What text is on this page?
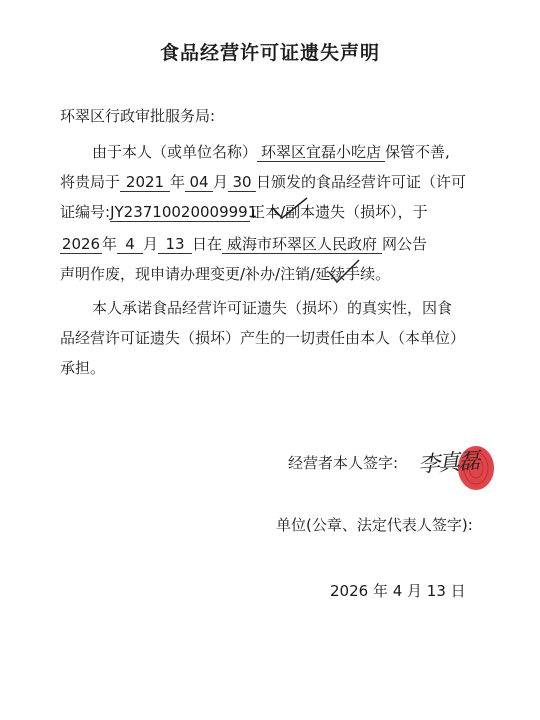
食品经营许可证遗失声明
环翠区行政审批服务局:
由于本人（或单位名称） 环翠区宜磊小吃店 保管不善,
将贵局于 2021 年 04 月 30 日颁发的食品经营许可证（许可
证编号:JY23710020009991正本/副本遗失（损坏），于
2026 年 4 月 13 日在 威海市环翠区人民政府 网公告
声明作废，现申请办理变更/补办/注销/延续手续。
本人承诺食品经营许可证遗失（损坏）的真实性，因食
品经营许可证遗失（损坏）产生的一切责任由本人（本单位）
承担。
经营者本人签字: 李真磊
单位(公章、法定代表人签字):
2026 年 4 月 13 日
